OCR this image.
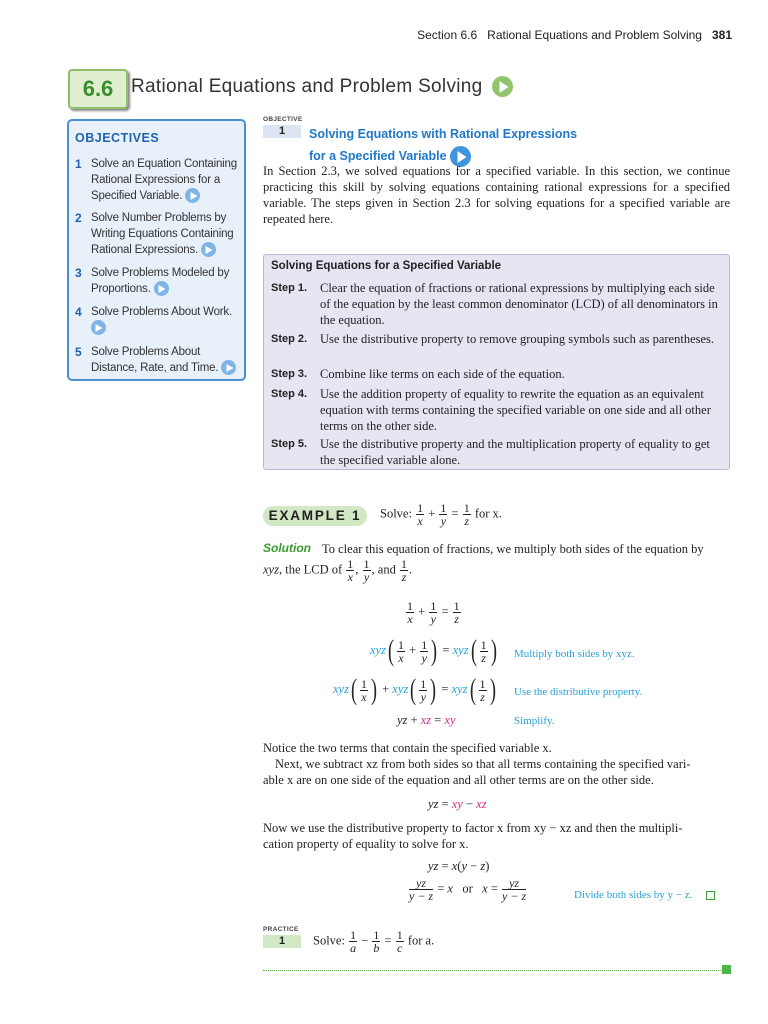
Section 6.6   Rational Equations and Problem Solving 381
6.6 Rational Equations and Problem Solving
OBJECTIVES
1 Solve an Equation Containing Rational Expressions for a Specified Variable.
2 Solve Number Problems by Writing Equations Containing Rational Expressions.
3 Solve Problems Modeled by Proportions.
4 Solve Problems About Work.
5 Solve Problems About Distance, Rate, and Time.
OBJECTIVE
1	Solving Equations with Rational Expressions
for a Specified Variable
In Section 2.3, we solved equations for a specified variable. In this section, we continue practicing this skill by solving equations containing rational expressions for a specified variable. The steps given in Section 2.3 for solving equations for a specified variable are repeated here.
Solving Equations for a Specified Variable
Step 1. Clear the equation of fractions or rational expressions by multiplying each side of the equation by the least common denominator (LCD) of all denominators in the equation.
Step 2. Use the distributive property to remove grouping symbols such as parentheses.
Step 3. Combine like terms on each side of the equation.
Step 4. Use the addition property of equality to rewrite the equation as an equivalent equation with terms containing the specified variable on one side and all other terms on the other side.
Step 5. Use the distributive property and the multiplication property of equality to get the specified variable alone.
EXAMPLE 1	Solve: $\frac{1}{x} + \frac{1}{y} = \frac{1}{z}$ for x.
Solution To clear this equation of fractions, we multiply both sides of the equation by
xyz, the LCD of $\frac{1}{x}$ , $\frac{1}{y}$ , and $\frac{1}{z}$ .
$\frac{1}{x} + \frac{1}{y} = \frac{1}{z}$
$xyz( \frac{1}{x} + \frac{1}{y}$ ) = $xyz( \frac{1}{z}$ ) Multiply both sides by xyz.
$xyz( \frac{1}{x}$ ) + $xyz( \frac{1}{y}$ ) = $xyz( \frac{1}{z}$ ) Use the distributive property.
yz + xz = xy	Simplify.
Notice the two terms that contain the specified variable x.
Next, we subtract xz from both sides so that all terms containing the specified vari-
able x are on one side of the equation and all other terms are on the other side.
yz = xy − xz
Now we use the distributive property to factor x from xy − xz and then the multipli-
cation property of equality to solve for x.
yz = x(y − z)
$\frac{yz}{y - z} = x$ or $x = \frac{yz}{y - z}$	Divide both sides by y − z.
PRACTICE
1	Solve: $\frac{1}{a} - \frac{1}{b} = \frac{1}{c}$ for a.
